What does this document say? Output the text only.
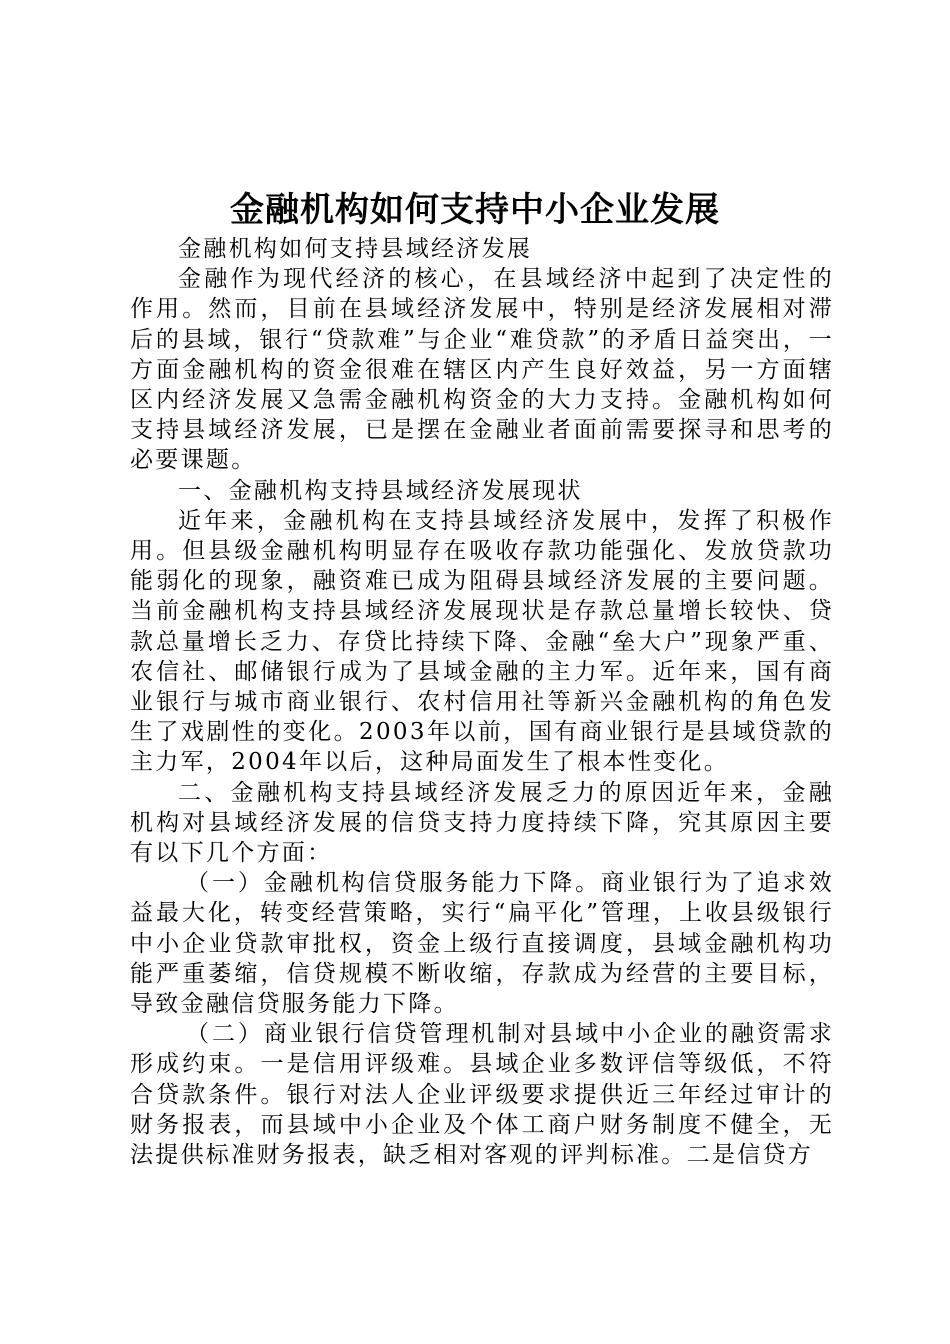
金融机构如何支持中小企业发展

金融机构如何支持县域经济发展

金融作为现代经济的核心，在县域经济中起到了决定性的作用。然而，目前在县域经济发展中，特别是经济发展相对滞后的县域，银行“贷款难”与企业“难贷款”的矛盾日益突出，一方面金融机构的资金很难在辖区内产生良好效益，另一方面辖区内经济发展又急需金融机构资金的大力支持。金融机构如何支持县域经济发展，已是摆在金融业者面前需要探寻和思考的必要课题。

一、金融机构支持县域经济发展现状

近年来，金融机构在支持县域经济发展中，发挥了积极作用。但县级金融机构明显存在吸收存款功能强化、发放贷款功能弱化的现象，融资难已成为阻碍县域经济发展的主要问题。当前金融机构支持县域经济发展现状是存款总量增长较快、贷款总量增长乏力、存贷比持续下降、金融“垒大户”现象严重、农信社、邮储银行成为了县域金融的主力军。近年来，国有商业银行与城市商业银行、农村信用社等新兴金融机构的角色发生了戏剧性的变化。2003年以前，国有商业银行是县域贷款的主力军，2004年以后，这种局面发生了根本性变化。

二、金融机构支持县域经济发展乏力的原因近年来，金融机构对县域经济发展的信贷支持力度持续下降，究其原因主要有以下几个方面：

（一）金融机构信贷服务能力下降。商业银行为了追求效益最大化，转变经营策略，实行“扁平化”管理，上收县级银行中小企业贷款审批权，资金上级行直接调度，县域金融机构功能严重萎缩，信贷规模不断收缩，存款成为经营的主要目标，导致金融信贷服务能力下降。

（二）商业银行信贷管理机制对县域中小企业的融资需求形成约束。一是信用评级难。县域企业多数评信等级低，不符合贷款条件。银行对法人企业评级要求提供近三年经过审计的财务报表，而县域中小企业及个体工商户财务制度不健全，无法提供标准财务报表，缺乏相对客观的评判标准。二是信贷方
